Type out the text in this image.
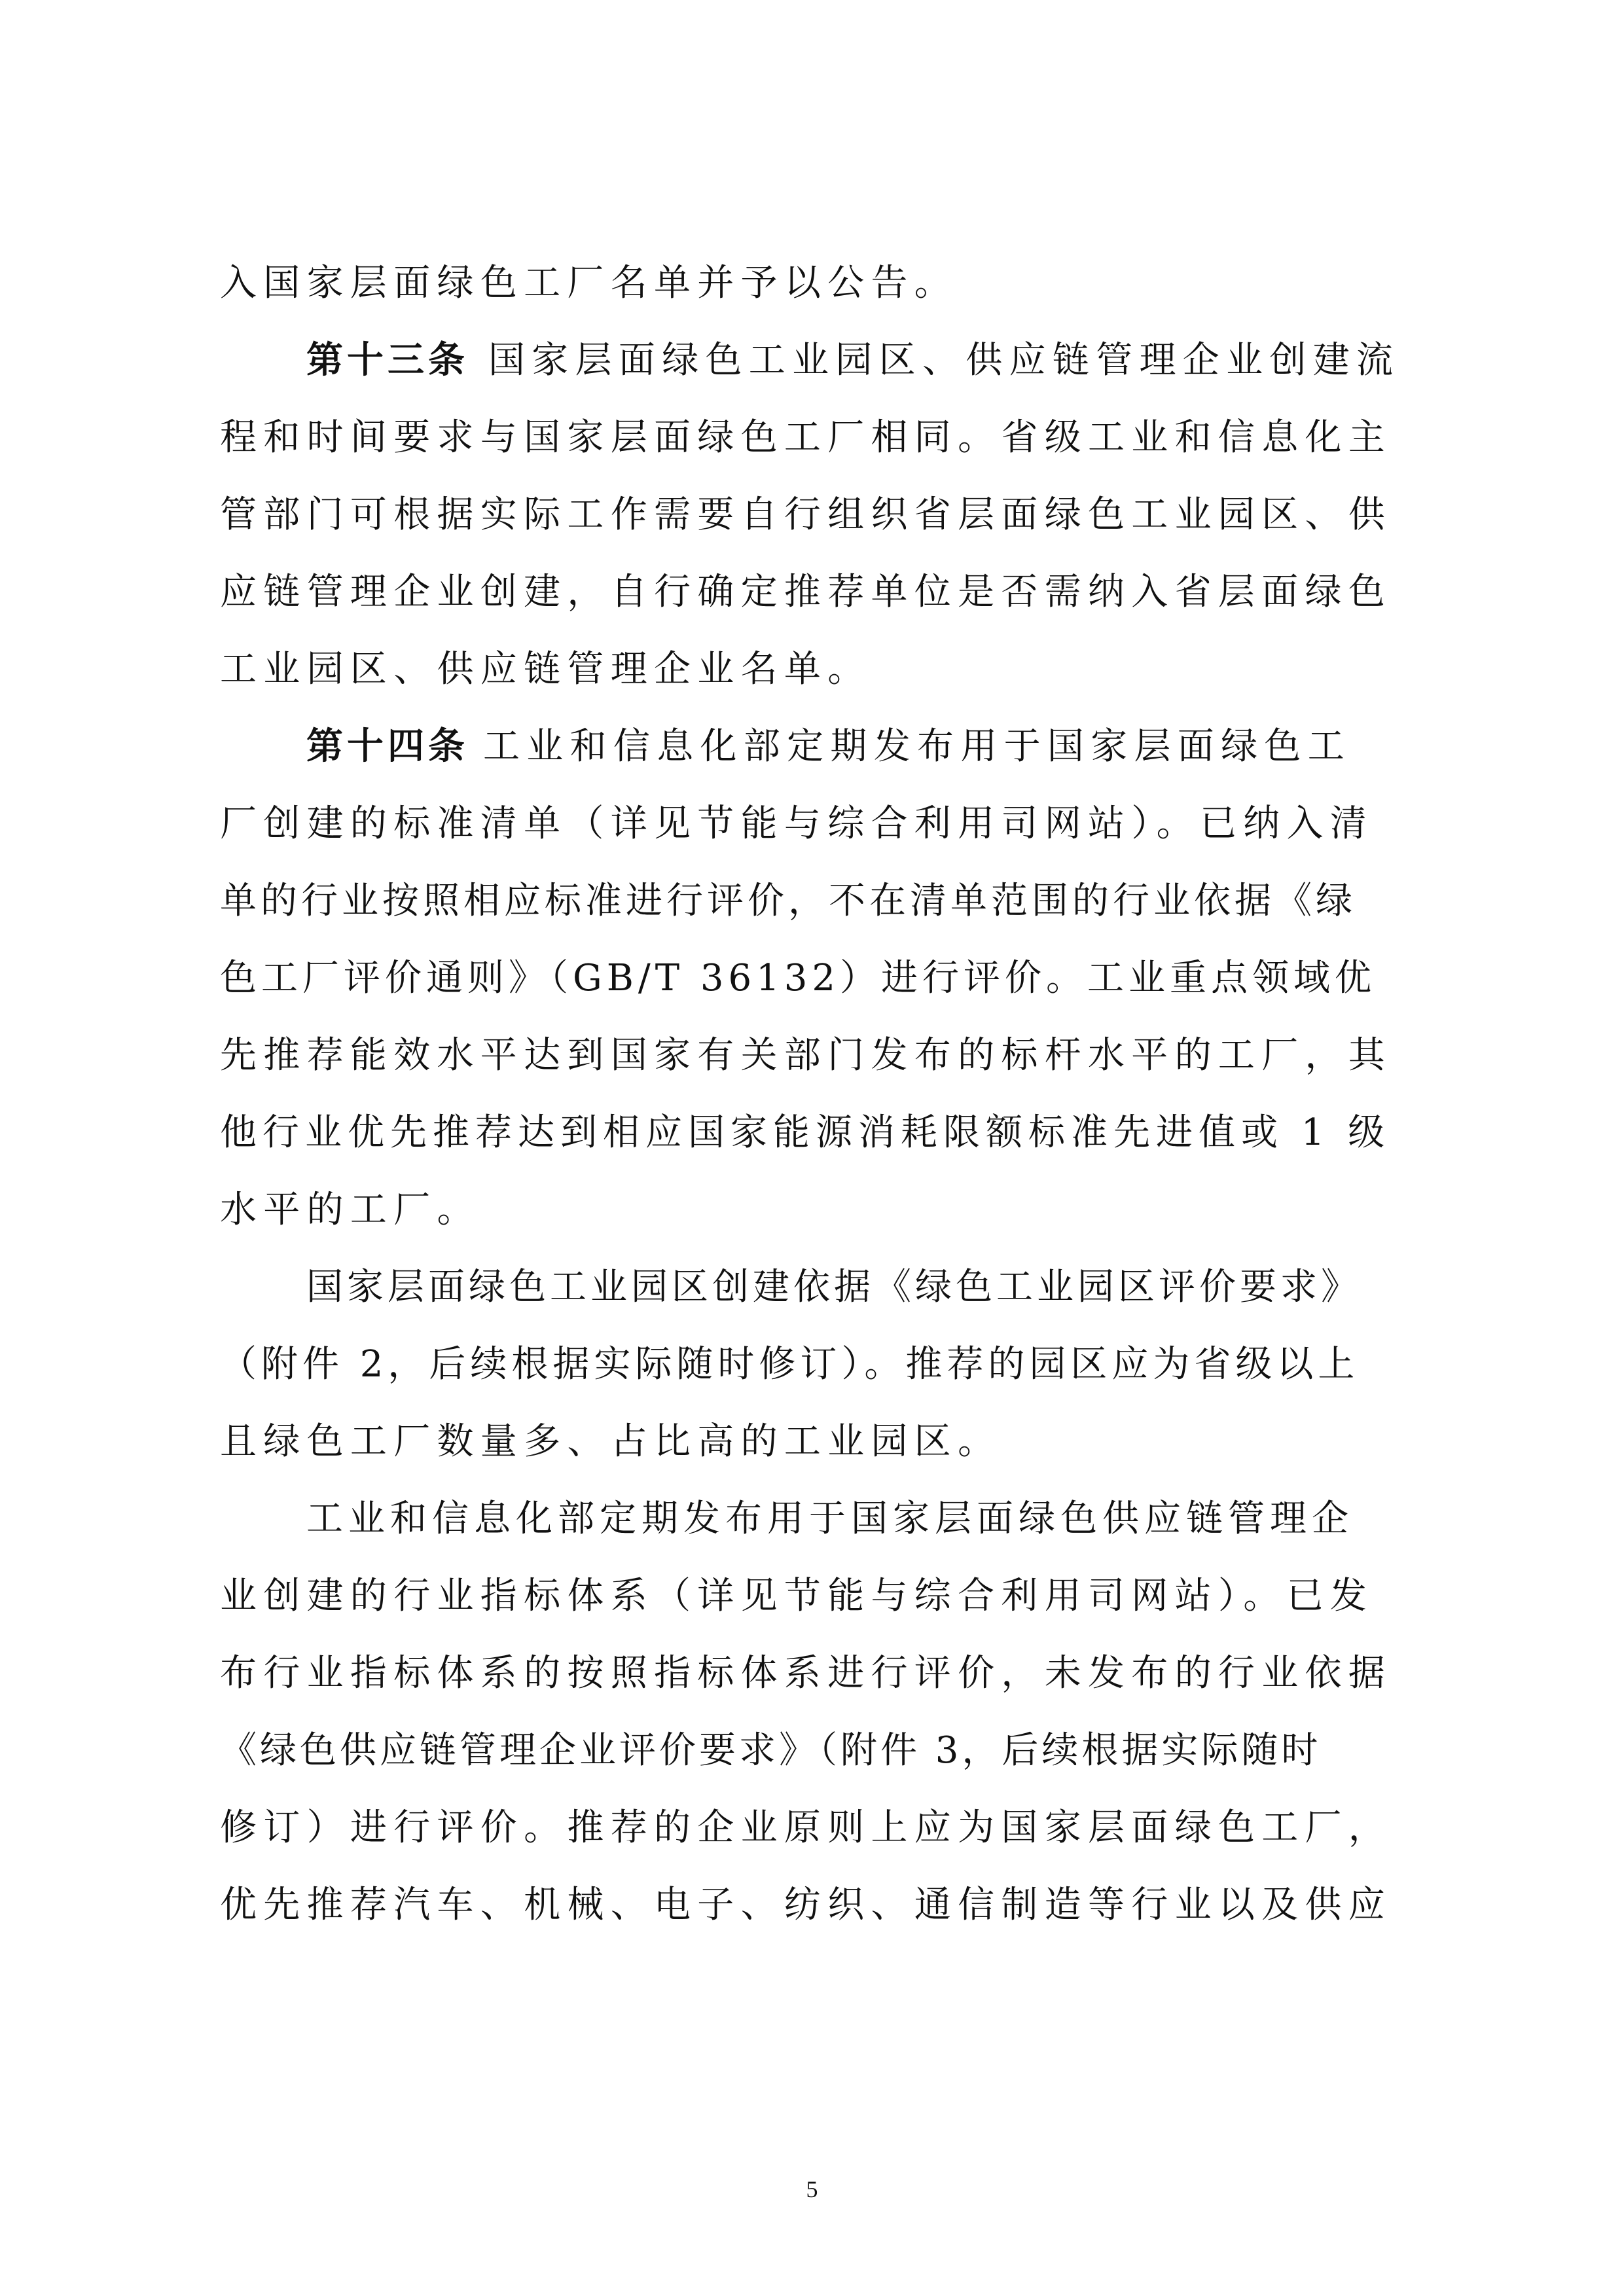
入国家层面绿色工厂名单并予以公告。
第十三条 国家层面绿色工业园区、供应链管理企业创建流
程和时间要求与国家层面绿色工厂相同。省级工业和信息化主
管部门可根据实际工作需要自行组织省层面绿色工业园区、供
应链管理企业创建，自行确定推荐单位是否需纳入省层面绿色
工业园区、供应链管理企业名单。
第十四条 工业和信息化部定期发布用于国家层面绿色工
厂创建的标准清单（详见节能与综合利用司网站）。已纳入清
单的行业按照相应标准进行评价，不在清单范围的行业依据《绿
色工厂评价通则》（GB/T 36132）进行评价。工业重点领域优
先推荐能效水平达到国家有关部门发布的标杆水平的工厂，其
他行业优先推荐达到相应国家能源消耗限额标准先进值或 1 级
水平的工厂。
国家层面绿色工业园区创建依据《绿色工业园区评价要求》
（附件 2，后续根据实际随时修订）。推荐的园区应为省级以上
且绿色工厂数量多、占比高的工业园区。
工业和信息化部定期发布用于国家层面绿色供应链管理企
业创建的行业指标体系（详见节能与综合利用司网站）。已发
布行业指标体系的按照指标体系进行评价，未发布的行业依据
《绿色供应链管理企业评价要求》（附件 3，后续根据实际随时
修订）进行评价。推荐的企业原则上应为国家层面绿色工厂，
优先推荐汽车、机械、电子、纺织、通信制造等行业以及供应
5
